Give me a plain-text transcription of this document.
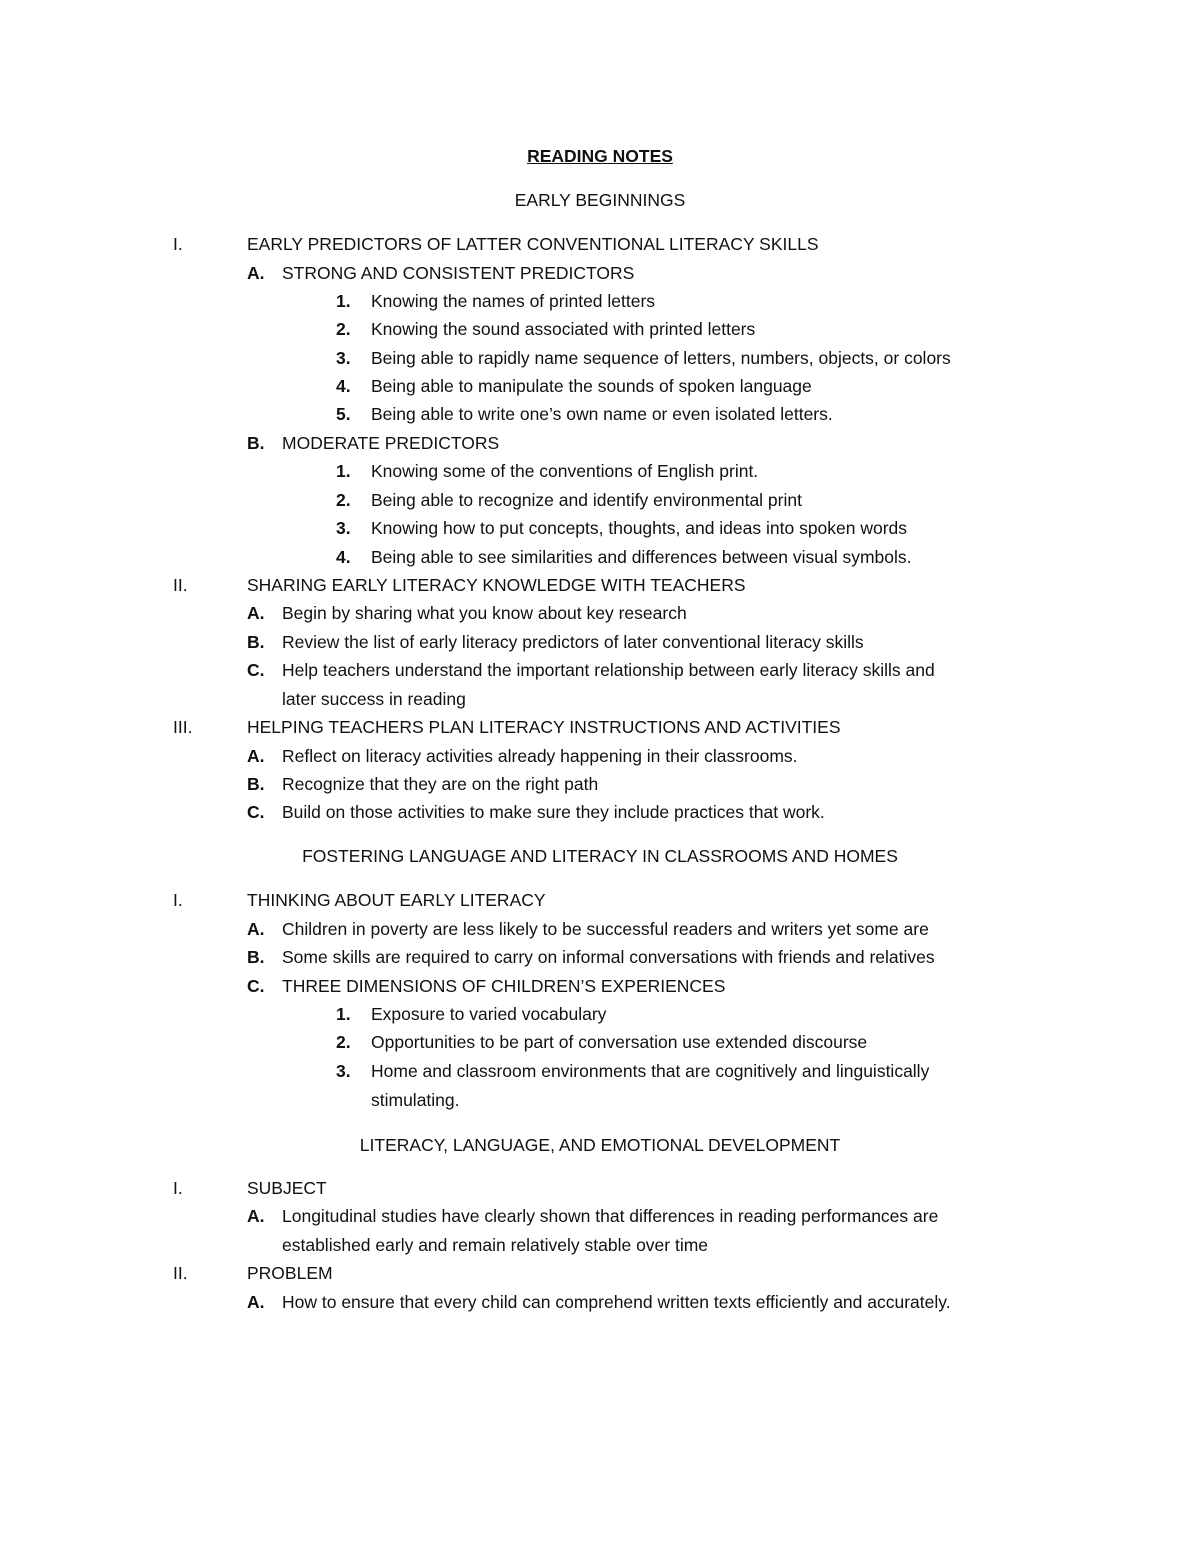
READING NOTES
EARLY BEGINNINGS
I.	EARLY PREDICTORS OF LATTER CONVENTIONAL LITERACY SKILLS
A. STRONG AND CONSISTENT PREDICTORS
1. Knowing the names of printed letters
2. Knowing the sound associated with printed letters
3. Being able to rapidly name sequence of letters, numbers, objects, or colors
4. Being able to manipulate the sounds of spoken language
5. Being able to write one’s own name or even isolated letters.
B. MODERATE PREDICTORS
1. Knowing some of the conventions of English print.
2. Being able to recognize and identify environmental print
3. Knowing how to put concepts, thoughts, and ideas into spoken words
4. Being able to see similarities and differences between visual symbols.
II.	SHARING EARLY LITERACY KNOWLEDGE WITH TEACHERS
A. Begin by sharing what you know about key research
B. Review the list of early literacy predictors of later conventional literacy skills
C. Help teachers understand the important relationship between early literacy skills and
later success in reading
III.	HELPING TEACHERS PLAN LITERACY INSTRUCTIONS AND ACTIVITIES
A. Reflect on literacy activities already happening in their classrooms.
B. Recognize that they are on the right path
C. Build on those activities to make sure they include practices that work.
FOSTERING LANGUAGE AND LITERACY IN CLASSROOMS AND HOMES
I.	THINKING ABOUT EARLY LITERACY
A. Children in poverty are less likely to be successful readers and writers yet some are
B. Some skills are required to carry on informal conversations with friends and relatives
C. THREE DIMENSIONS OF CHILDREN’S EXPERIENCES
1. Exposure to varied vocabulary
2. Opportunities to be part of conversation use extended discourse
3. Home and classroom environments that are cognitively and linguistically
stimulating.
LITERACY, LANGUAGE, AND EMOTIONAL DEVELOPMENT
I.	SUBJECT
A. Longitudinal studies have clearly shown that differences in reading performances are
established early and remain relatively stable over time
II.	PROBLEM
A. How to ensure that every child can comprehend written texts efficiently and accurately.
